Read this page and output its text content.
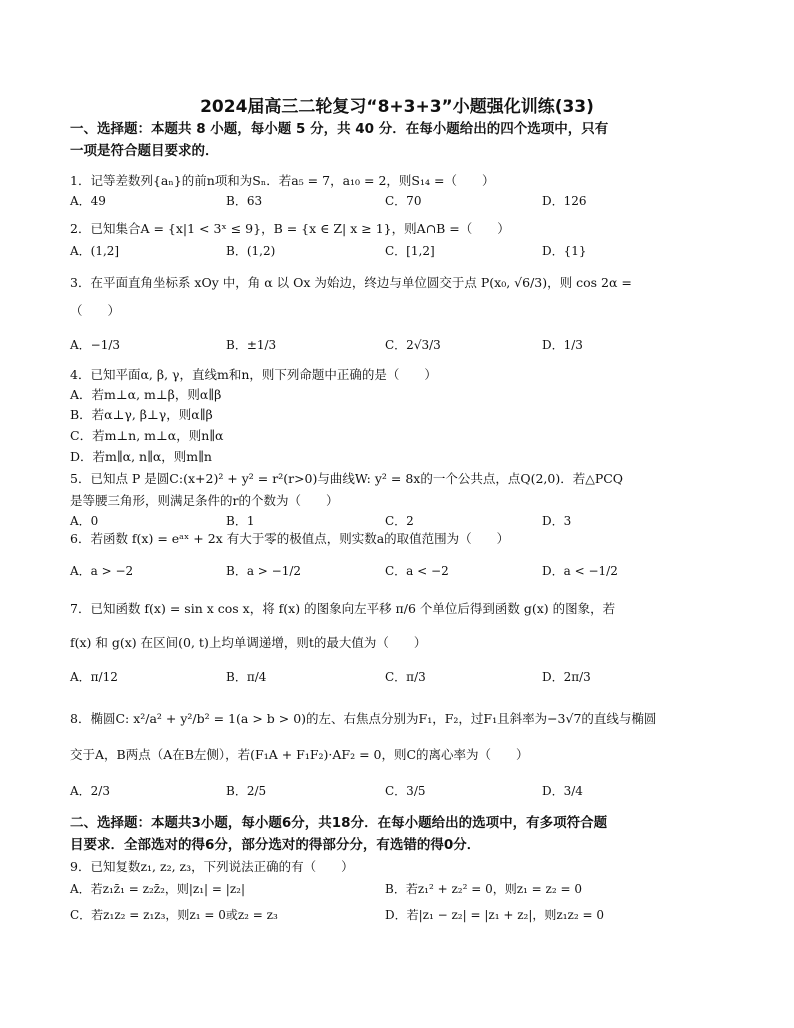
2024届高三二轮复习“8+3+3”小题强化训练(33)
一、选择题：本题共 8 小题，每小题 5 分，共 40 分．在每小题给出的四个选项中，只有
一项是符合题目要求的．
1．记等差数列{aₙ}的前n项和为Sₙ．若a₅ = 7，a₁₀ = 2，则S₁₄ =（　　）
A．49	B．63	C．70	D．126
2．已知集合A = {x|1 < 3ˣ ≤ 9}，B = {x ∈ Z| x ≥ 1}，则A∩B =（　　）
A．(1,2]	B．(1,2)	C．[1,2]	D．{1}
3．在平面直角坐标系 xOy 中，角 α 以 Ox 为始边，终边与单位圆交于点 P(x₀, √6/3)，则 cos 2α =
（　　）
A．−1/3	B．±1/3	C．2√3/3	D．1/3
4．已知平面α, β, γ，直线m和n，则下列命题中正确的是（　　）
A．若m⊥α, m⊥β，则α∥β
B．若α⊥γ, β⊥γ，则α∥β
C．若m⊥n, m⊥α，则n∥α
D．若m∥α, n∥α，则m∥n
5．已知点 P 是圆C:(x+2)² + y² = r²(r>0)与曲线W: y² = 8x的一个公共点，点Q(2,0)．若△PCQ
是等腰三角形，则满足条件的r的个数为（　　）
A．0	B．1	C．2	D．3
6．若函数 f(x) = eᵃˣ + 2x 有大于零的极值点，则实数a的取值范围为（　　）
A．a > −2	B．a > −1/2	C．a < −2	D．a < −1/2
7．已知函数 f(x) = sin x cos x，将 f(x) 的图象向左平移 π/6 个单位后得到函数 g(x) 的图象，若
f(x) 和 g(x) 在区间(0, t)上均单调递增，则t的最大值为（　　）
A．π/12	B．π/4	C．π/3	D．2π/3
8．椭圆C: x²/a² + y²/b² = 1(a > b > 0)的左、右焦点分别为F₁，F₂，过F₁且斜率为−3√7的直线与椭圆
交于A，B两点（A在B左侧），若(F₁A + F₁F₂)·AF₂ = 0，则C的离心率为（　　）
A．2/3	B．2/5	C．3/5	D．3/4
二、选择题：本题共3小题，每小题6分，共18分．在每小题给出的选项中，有多项符合题
目要求．全部选对的得6分，部分选对的得部分分，有选错的得0分．
9．已知复数z₁, z₂, z₃，下列说法正确的有（　　）
A．若z₁z̄₁ = z₂z̄₂，则|z₁| = |z₂|	B．若z₁² + z₂² = 0，则z₁ = z₂ = 0
C．若z₁z₂ = z₁z₃，则z₁ = 0或z₂ = z₃	D．若|z₁ − z₂| = |z₁ + z₂|，则z₁z₂ = 0
